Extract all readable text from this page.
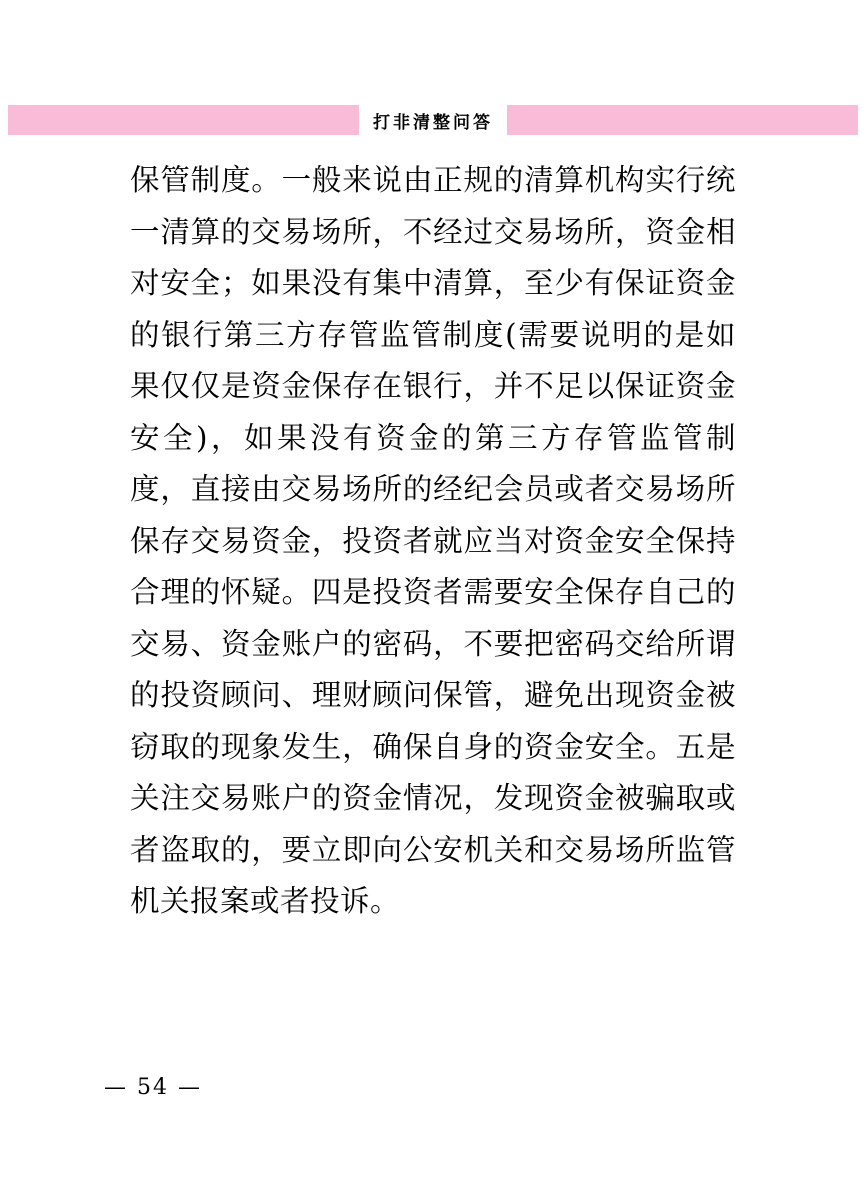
打非清整问答

保管制度。一般来说由正规的清算机构实行统一清算的交易场所，不经过交易场所，资金相对安全；如果没有集中清算，至少有保证资金的银行第三方存管监管制度(需要说明的是如果仅仅是资金保存在银行，并不足以保证资金安全)，如果没有资金的第三方存管监管制度，直接由交易场所的经纪会员或者交易场所保存交易资金，投资者就应当对资金安全保持合理的怀疑。四是投资者需要安全保存自己的交易、资金账户的密码，不要把密码交给所谓的投资顾问、理财顾问保管，避免出现资金被窃取的现象发生，确保自身的资金安全。五是关注交易账户的资金情况，发现资金被骗取或者盗取的，要立即向公安机关和交易场所监管机关报案或者投诉。

— 54 —
